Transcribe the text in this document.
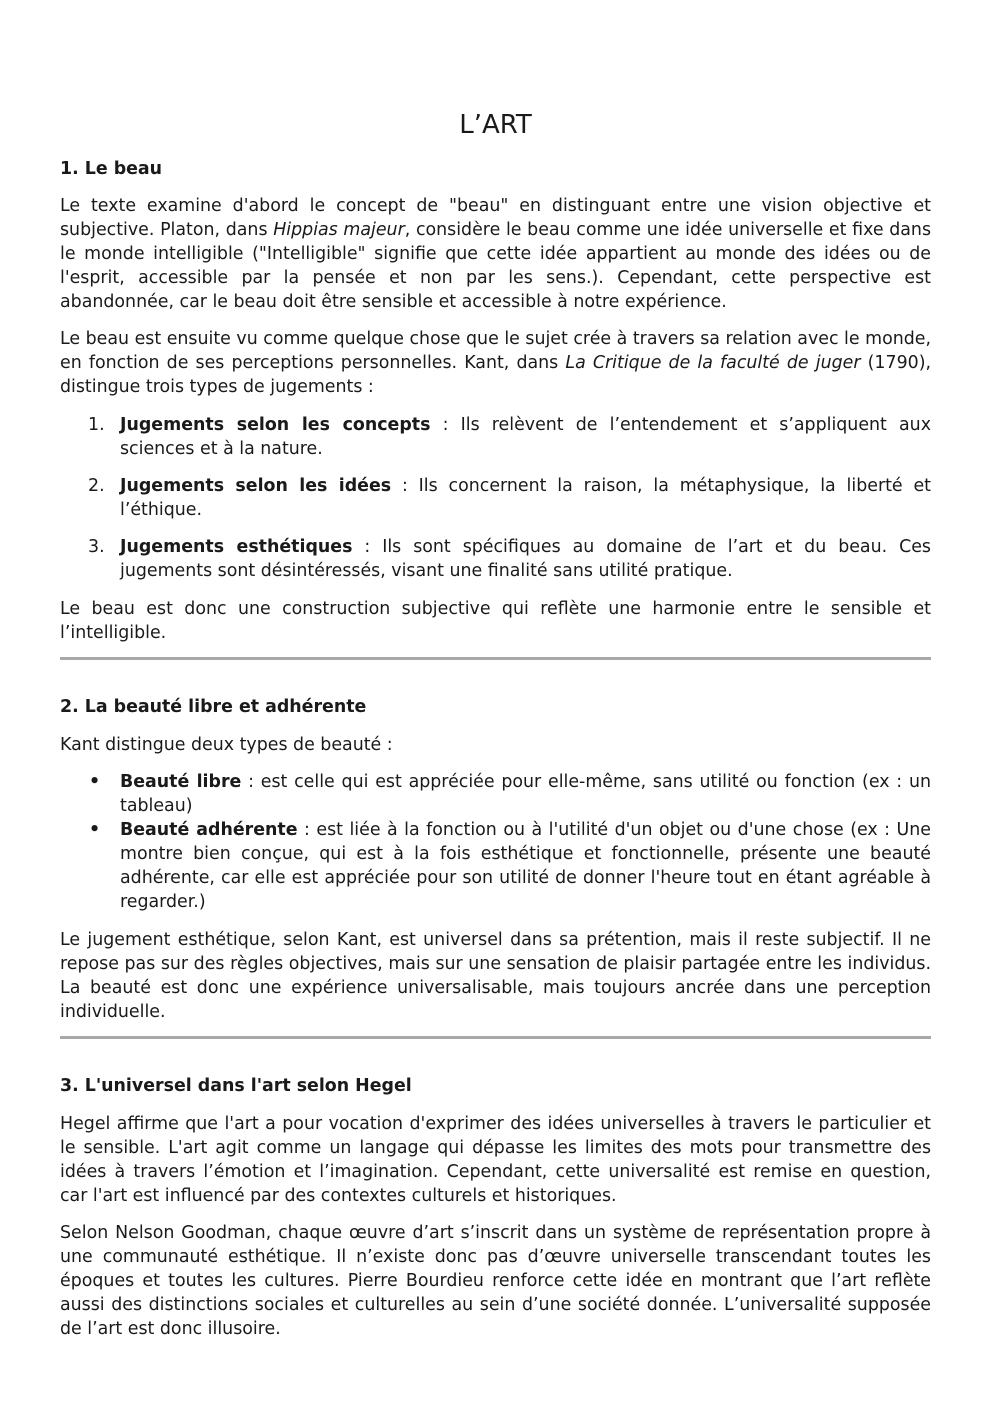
L’ART
1. Le beau

Le texte examine d'abord le concept de "beau" en distinguant entre une vision objective et subjective. Platon, dans Hippias majeur, considère le beau comme une idée universelle et fixe dans le monde intelligible ("Intelligible" signifie que cette idée appartient au monde des idées ou de l'esprit, accessible par la pensée et non par les sens.). Cependant, cette perspective est abandonnée, car le beau doit être sensible et accessible à notre expérience.

Le beau est ensuite vu comme quelque chose que le sujet crée à travers sa relation avec le monde, en fonction de ses perceptions personnelles. Kant, dans La Critique de la faculté de juger (1790), distingue trois types de jugements :

1. Jugements selon les concepts : Ils relèvent de l’entendement et s’appliquent aux sciences et à la nature.

2. Jugements selon les idées : Ils concernent la raison, la métaphysique, la liberté et l’éthique.

3. Jugements esthétiques : Ils sont spécifiques au domaine de l’art et du beau. Ces jugements sont désintéressés, visant une finalité sans utilité pratique.

Le beau est donc une construction subjective qui reflète une harmonie entre le sensible et l’intelligible.

2. La beauté libre et adhérente

Kant distingue deux types de beauté :

• Beauté libre : est celle qui est appréciée pour elle-même, sans utilité ou fonction (ex : un tableau)

• Beauté adhérente : est liée à la fonction ou à l'utilité d'un objet ou d'une chose (ex : Une montre bien conçue, qui est à la fois esthétique et fonctionnelle, présente une beauté adhérente, car elle est appréciée pour son utilité de donner l'heure tout en étant agréable à regarder.)

Le jugement esthétique, selon Kant, est universel dans sa prétention, mais il reste subjectif. Il ne repose pas sur des règles objectives, mais sur une sensation de plaisir partagée entre les individus. La beauté est donc une expérience universalisable, mais toujours ancrée dans une perception individuelle.

3. L'universel dans l'art selon Hegel

Hegel affirme que l'art a pour vocation d'exprimer des idées universelles à travers le particulier et le sensible. L'art agit comme un langage qui dépasse les limites des mots pour transmettre des idées à travers l’émotion et l’imagination. Cependant, cette universalité est remise en question, car l'art est influencé par des contextes culturels et historiques.

Selon Nelson Goodman, chaque œuvre d’art s’inscrit dans un système de représentation propre à une communauté esthétique. Il n’existe donc pas d’œuvre universelle transcendant toutes les époques et toutes les cultures. Pierre Bourdieu renforce cette idée en montrant que l’art reflète aussi des distinctions sociales et culturelles au sein d’une société donnée. L’universalité supposée de l’art est donc illusoire.
